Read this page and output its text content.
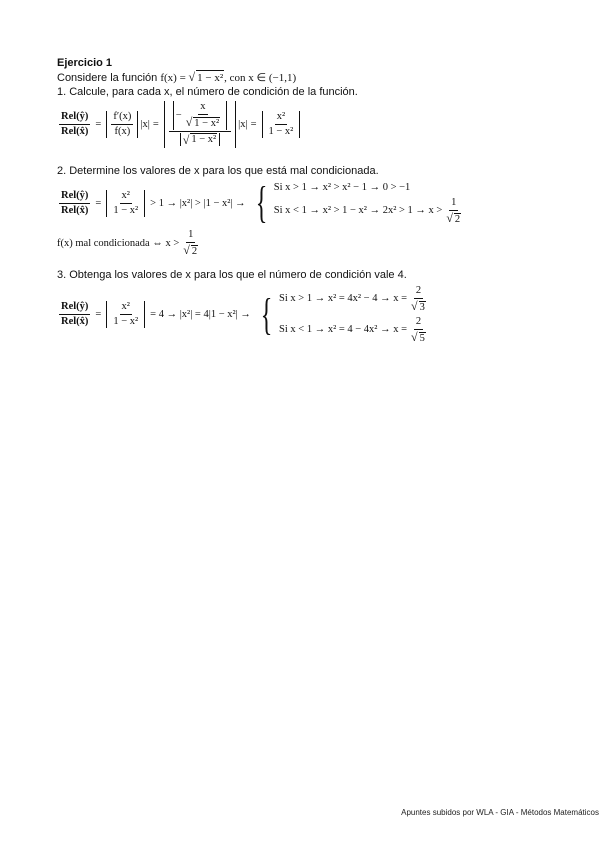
Ejercicio 1
Considere la función f(x) = √ 1 − x², con x ∈ (−1,1)
1. Calcule, para cada x, el número de condición de la función.
$\frac{\text{Rel(ŷ)}}{\text{Rel(x̂)}} = \frac{f'(x)}{f(x)} |x| = \frac{- \frac{x}{\text{√ 1 − x²}}}{\text{√ 1 − x²}} |x| = \frac{\text{x²}}{\text{1 − x²}}$
2. Determine los valores de x para los que está mal condicionada.
$\frac{\text{Rel(ŷ)}}{\text{Rel(x̂)}} = \frac{\text{x²}}{\text{1 − x²}} > 1 \to |x^2| > |1 - x^2|$ → { Si x > 1 → x² > x² − 1 → 0 > −1
Si $x < 1 \to x^2 > 1 - x^2 \to 2x^2 > 1 \to x > \frac{1}{√ 2}$
f(x) mal condicionada ⇔ $x > \frac{1}{√ 2}$
3. Obtenga los valores de x para los que el número de condición vale 4.
$\frac{\text{Rel(ŷ)}}{\text{Rel(x̂)}} = \frac{\text{x²}}{\text{1 − x²}} = 4 \to |x^2| = 4|1 - x^2|$ → { Si $x > 1 \to x^2 = 4x^2 - 4 \to x = \frac{2}{√ 3}$
Si $x < 1 \to x^2 = 4 - 4x^2 \to x = \frac{2}{√ 5}$
Apuntes subidos por WLA - GIA - Métodos Matemáticos
